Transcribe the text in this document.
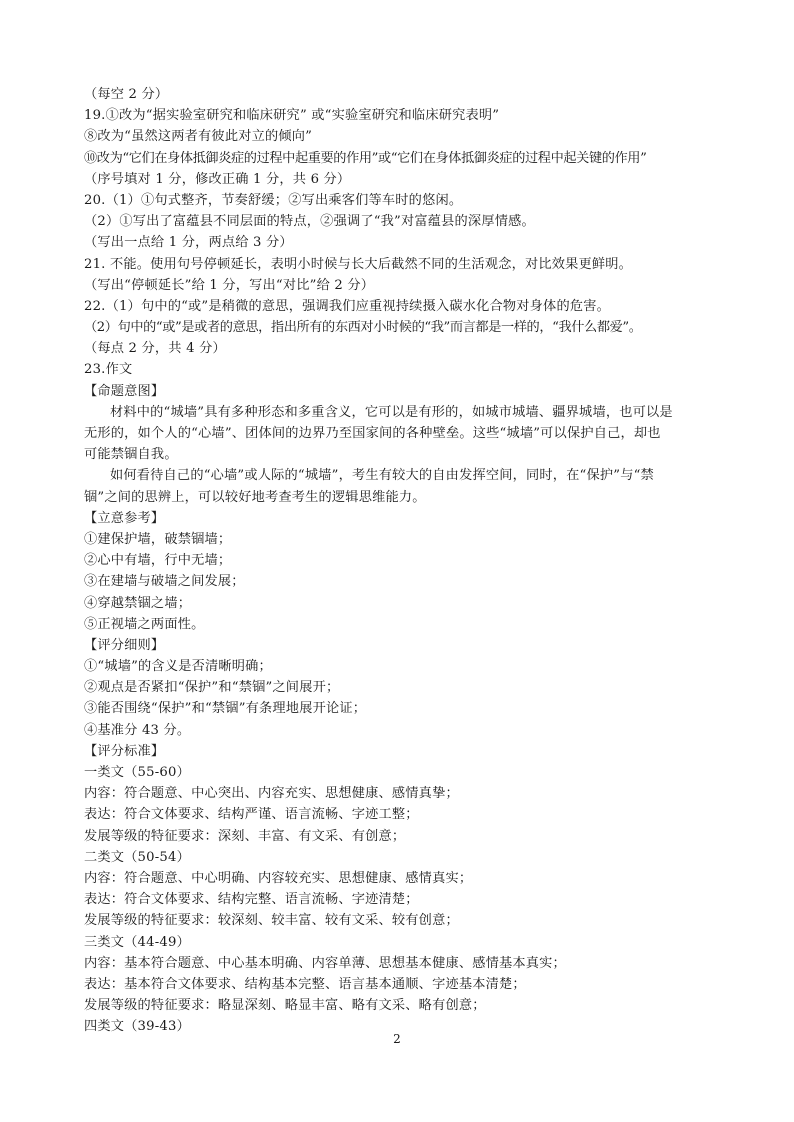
（每空 2 分）
19.①改为“据实验室研究和临床研究” 或“实验室研究和临床研究表明”
⑧改为“虽然这两者有彼此对立的倾向”
⑩改为“它们在身体抵御炎症的过程中起重要的作用”或“它们在身体抵御炎症的过程中起关键的作用”
（序号填对 1 分，修改正确 1 分，共 6 分）
20.（1）①句式整齐，节奏舒缓；②写出乘客们等车时的悠闲。
（2）①写出了富蕴县不同层面的特点，②强调了“我”对富蕴县的深厚情感。
（写出一点给 1 分，两点给 3 分）
21. 不能。使用句号停顿延长，表明小时候与长大后截然不同的生活观念，对比效果更鲜明。
（写出“停顿延长”给 1 分，写出“对比”给 2 分）
22.（1）句中的“或”是稍微的意思，强调我们应重视持续摄入碳水化合物对身体的危害。
（2）句中的“或”是或者的意思，指出所有的东西对小时候的“我”而言都是一样的，“我什么都爱”。
（每点 2 分，共 4 分）
23.作文
【命题意图】
材料中的“城墙”具有多种形态和多重含义，它可以是有形的，如城市城墙、疆界城墙，也可以是
无形的，如个人的“心墙”、团体间的边界乃至国家间的各种壁垒。这些“城墙”可以保护自己，却也
可能禁锢自我。
如何看待自己的“心墙”或人际的“城墙”，考生有较大的自由发挥空间，同时，在“保护”与“禁
锢”之间的思辨上，可以较好地考查考生的逻辑思维能力。
【立意参考】
①建保护墙，破禁锢墙；
②心中有墙，行中无墙；
③在建墙与破墙之间发展；
④穿越禁锢之墙；
⑤正视墙之两面性。
【评分细则】
①“城墙”的含义是否清晰明确；
②观点是否紧扣“保护”和“禁锢”之间展开；
③能否围绕“保护”和“禁锢”有条理地展开论证；
④基准分 43 分。
【评分标准】
一类文（55-60）
内容：符合题意、中心突出、内容充实、思想健康、感情真挚；
表达：符合文体要求、结构严谨、语言流畅、字迹工整；
发展等级的特征要求：深刻、丰富、有文采、有创意；
二类文（50-54）
内容：符合题意、中心明确、内容较充实、思想健康、感情真实；
表达：符合文体要求、结构完整、语言流畅、字迹清楚；
发展等级的特征要求：较深刻、较丰富、较有文采、较有创意；
三类文（44-49）
内容：基本符合题意、中心基本明确、内容单薄、思想基本健康、感情基本真实；
表达：基本符合文体要求、结构基本完整、语言基本通顺、字迹基本清楚；
发展等级的特征要求：略显深刻、略显丰富、略有文采、略有创意；
四类文（39-43）
2
